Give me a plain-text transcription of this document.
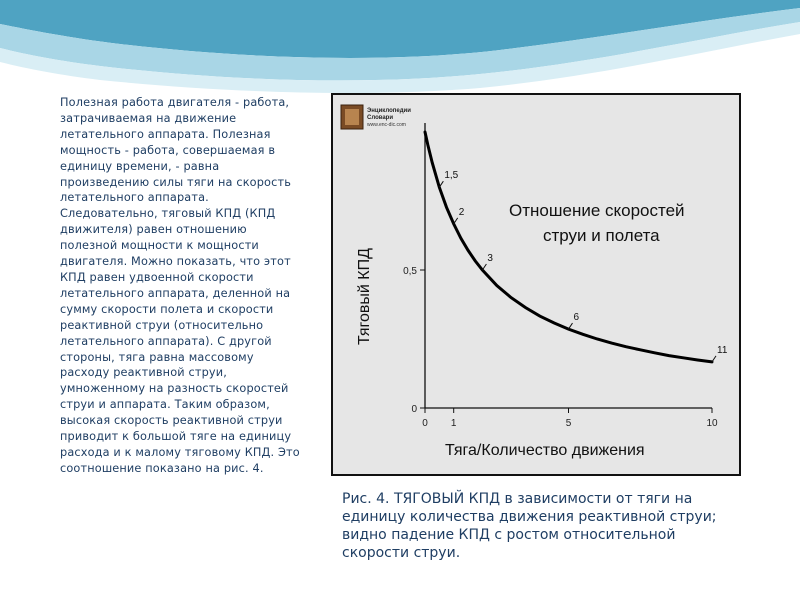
Полезная работа двигателя - работа, затрачиваемая на движение летательного аппарата. Полезная мощность - работа, совершаемая в единицу времени, - равна произведению силы тяги на скорость летательного аппарата. Следовательно, тяговый КПД (КПД движителя) равен отношению полезной мощности к мощности двигателя. Можно показать, что этот КПД равен удвоенной скорости летательного аппарата, деленной на сумму скорости полета и скорости реактивной струи (относительно летательного аппарата). С другой стороны, тяга равна массовому расходу реактивной струи, умноженному на разность скоростей струи и аппарата. Таким образом, высокая скорость реактивной струи приводит к большой тяге на единицу расхода и к малому тяговому КПД. Это соотношение показано на рис. 4.
Энциклопедии
Словари
www.enc-dic.com
0 1	5	10
0
0,5
1,5
2
3
6
11
Отношение скоростей
струи и полета
Тяга/Количество движения
Тяговый КПД
Рис. 4. ТЯГОВЫЙ КПД в зависимости от тяги на единицу количества движения реактивной струи; видно падение КПД с ростом относительной скорости струи.
